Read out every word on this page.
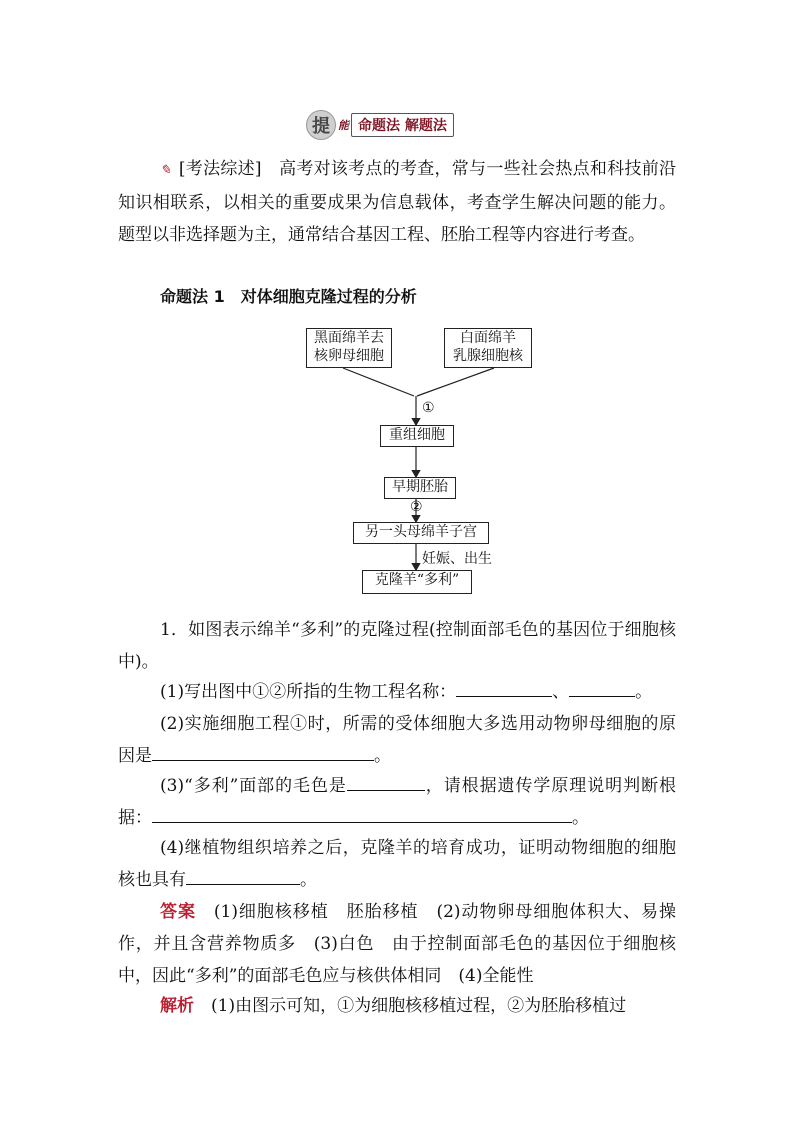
提 能 命题法 解题法
✎ [考法综述]　 高考对该考点的考查，常与一些社会热点和科技前沿知识相联系，以相关的重要成果为信息载体，考查学生解决问题的能力。题型以非选择题为主，通常结合基因工程、胚胎工程等内容进行考查。
命题法 1　对体细胞克隆过程的分析
黑面绵羊去
核卵母细胞
白面绵羊
乳腺细胞核
①
重组细胞
早期胚胎
②
另一头母绵羊子宫
妊娠、出生
克隆羊“多利”
1．如图表示绵羊“多利”的克隆过程(控制面部毛色的基因位于细胞核中)。
(1)写出图中①②所指的生物工程名称：	、	。
(2)实施细胞工程①时，所需的受体细胞大多选用动物卵母细胞的原因是	。
(3)“多利”面部的毛色是	，请根据遗传学原理说明判断根据：	。
(4)继植物组织培养之后，克隆羊的培育成功，证明动物细胞的细胞核也具有	。
答案　 (1)细胞核移植　胚胎移植　(2)动物卵母细胞体积大、易操作，并且含营养物质多　(3)白色　由于控制面部毛色的基因位于细胞核中，因此“多利”的面部毛色应与核供体相同　(4)全能性
解析　 (1)由图示可知，①为细胞核移植过程，②为胚胎移植过
